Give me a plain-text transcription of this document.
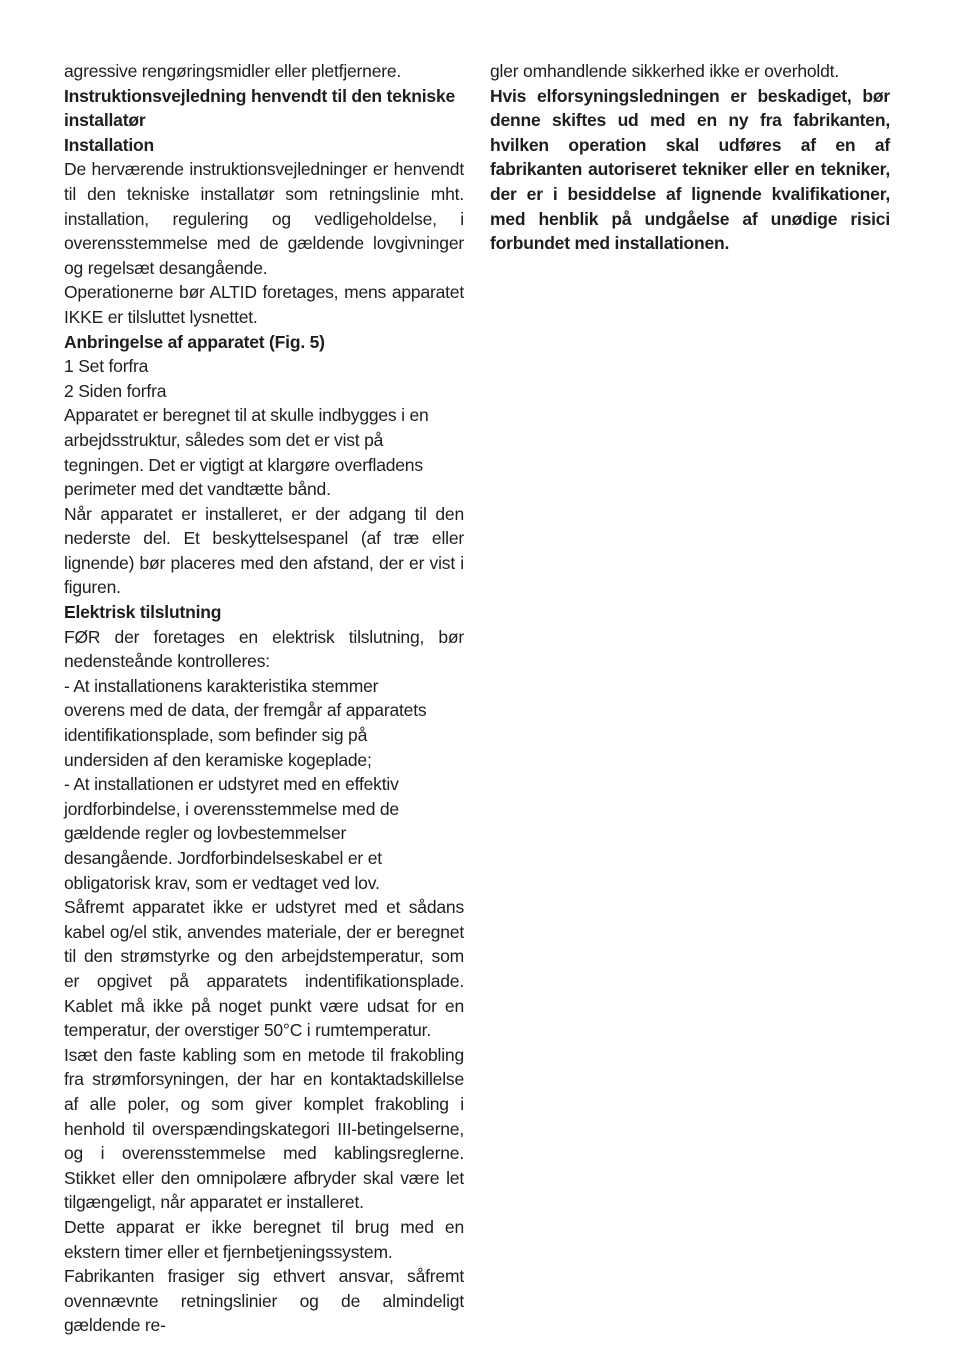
agressive rengøringsmidler eller pletfjernere.

Instruktionsvejledning henvendt til den tekniske installatør

Installation

De herværende instruktionsvejledninger er henvendt til den tekniske installatør som retningslinie mht. installation, regulering og vedligeholdelse, i overensstemmelse med de gældende lovgivninger og regelsæt desangående.

Operationerne bør ALTID foretages, mens apparatet IKKE er tilsluttet lysnettet.

Anbringelse af apparatet (Fig. 5)

1 Set forfra

2 Siden forfra

Apparatet er beregnet til at skulle indbygges i en arbejdsstruktur, således som det er vist på tegningen. Det er vigtigt at klargøre overfladens perimeter med det vandtætte bånd.

Når apparatet er installeret, er der adgang til den nederste del. Et beskyttelsespanel (af træ eller lignende) bør placeres med den afstand, der er vist i figuren.

Elektrisk tilslutning

FØR der foretages en elektrisk tilslutning, bør nedensteånde kontrolleres:

- At installationens karakteristika stemmer overens med de data, der fremgår af apparatets identifikationsplade, som befinder sig på undersiden af den keramiske kogeplade;

- At installationen er udstyret med en effektiv jordforbindelse, i overensstemmelse med de gældende regler og lovbestemmelser desangående. Jordforbindelseskabel er et obligatorisk krav, som er vedtaget ved lov.

Såfremt apparatet ikke er udstyret med et sådans kabel og/el stik, anvendes materiale, der er beregnet til den strømstyrke og den arbejdstemperatur, som er opgivet på apparatets indentifikationsplade. Kablet må ikke på noget punkt være udsat for en temperatur, der overstiger 50°C i rumtemperatur.

Isæt den faste kabling som en metode til frakobling fra strømforsyningen, der har en kontaktadskillelse af alle poler, og som giver komplet frakobling i henhold til overspændingskategori III-betingelserne, og i overensstemmelse med kablingsreglerne. Stikket eller den omnipolære afbryder skal være let tilgængeligt, når apparatet er installeret.

Dette apparat er ikke beregnet til brug med en ekstern timer eller et fjernbetjeningssystem.

Fabrikanten frasiger sig ethvert ansvar, såfremt ovennævnte retningslinier og de almindeligt gældende re-

gler omhandlende sikkerhed ikke er overholdt.

Hvis elforsyningsledningen er beskadiget, bør denne skiftes ud med en ny fra fabrikanten, hvilken operation skal udføres af en af fabrikanten autoriseret tekniker eller en tekniker, der er i besiddelse af lignende kvalifikationer, med henblik på undgåelse af unødige risici forbundet med installationen.
